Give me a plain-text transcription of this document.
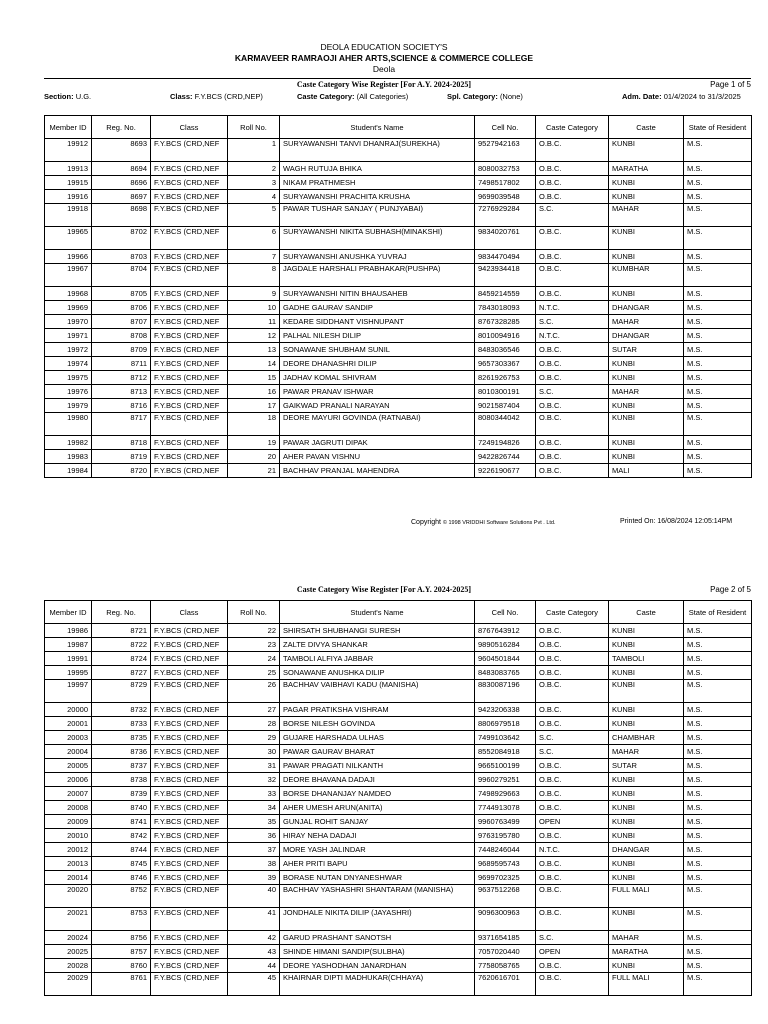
DEOLA EDUCATION SOCIETY'S
KARMAVEER RAMRAOJI AHER ARTS,SCIENCE & COMMERCE COLLEGE
Deola
Caste Category Wise Register [For A.Y. 2024-2025]	Page 1 of 5
Section: U.G.	Class: F.Y.BCS (CRD,NEP)	Caste Category: (All Categories)	Spl. Category: (None)	Adm. Date: 01/4/2024 to 31/3/2025
Member ID	Reg. No.	Class	Roll No.	Student's Name	Cell No.	Caste Category	Caste	State of Resident
19912	8693	F.Y.BCS (CRD,NEF	1	SURYAWANSHI TANVI DHANRAJ(SUREKHA)	9527942163	O.B.C.	KUNBI	M.S.
19913	8694	F.Y.BCS (CRD,NEF	2	WAGH RUTUJA BHIKA	8080032753	O.B.C.	MARATHA	M.S.
19915	8696	F.Y.BCS (CRD,NEF	3	NIKAM PRATHMESH	7498517802	O.B.C.	KUNBI	M.S.
19916	8697	F.Y.BCS (CRD,NEF	4	SURYAWANSHI PRACHITA KRUSHA	9699039548	O.B.C.	KUNBI	M.S.
19918	8698	F.Y.BCS (CRD,NEF	5	PAWAR TUSHAR SANJAY ( PUNJYABAI)	7276929284	S.C.	MAHAR	M.S.
19965	8702	F.Y.BCS (CRD,NEF	6	SURYAWANSHI NIKITA SUBHASH(MINAKSHI)	9834020761	O.B.C.	KUNBI	M.S.
19966	8703	F.Y.BCS (CRD,NEF	7	SURYAWANSHI ANUSHKA YUVRAJ	9834470494	O.B.C.	KUNBI	M.S.
19967	8704	F.Y.BCS (CRD,NEF	8	JAGDALE HARSHALI PRABHAKAR(PUSHPA)	9423934418	O.B.C.	KUMBHAR	M.S.
19968	8705	F.Y.BCS (CRD,NEF	9	SURYAWANSHI NITIN BHAUSAHEB	8459214559	O.B.C.	KUNBI	M.S.
19969	8706	F.Y.BCS (CRD,NEF	10	GADHE GAURAV SANDIP	7843018093	N.T.C.	DHANGAR	M.S.
19970	8707	F.Y.BCS (CRD,NEF	11	KEDARE SIDDHANT VISHNUPANT	8767328285	S.C.	MAHAR	M.S.
19971	8708	F.Y.BCS (CRD,NEF	12	PALHAL NILESH DILIP	8010094916	N.T.C.	DHANGAR	M.S.
19972	8709	F.Y.BCS (CRD,NEF	13	SONAWANE SHUBHAM SUNIL	8483036546	O.B.C.	SUTAR	M.S.
19974	8711	F.Y.BCS (CRD,NEF	14	DEORE DHANASHRI DILIP	9657303367	O.B.C.	KUNBI	M.S.
19975	8712	F.Y.BCS (CRD,NEF	15	JADHAV KOMAL SHIVRAM	8261926753	O.B.C.	KUNBI	M.S.
19976	8713	F.Y.BCS (CRD,NEF	16	PAWAR PRANAV ISHWAR	8010300191	S.C.	MAHAR	M.S.
19979	8716	F.Y.BCS (CRD,NEF	17	GAIKWAD PRANALI NARAYAN	9021587404	O.B.C.	KUNBI	M.S.
19980	8717	F.Y.BCS (CRD,NEF	18	DEORE MAYURI GOVINDA (RATNABAI)	8080344042	O.B.C.	KUNBI	M.S.
19982	8718	F.Y.BCS (CRD,NEF	19	PAWAR JAGRUTI DIPAK	7249194826	O.B.C.	KUNBI	M.S.
19983	8719	F.Y.BCS (CRD,NEF	20	AHER PAVAN VISHNU	9422826744	O.B.C.	KUNBI	M.S.
19984	8720	F.Y.BCS (CRD,NEF	21	BACHHAV PRANJAL MAHENDRA	9226190677	O.B.C.	MALI	M.S.
Copyright © 1998 VRIDDHI Software Solutions Pvt . Ltd.	Printed On: 16/08/2024 12:05:14PM
Caste Category Wise Register [For A.Y. 2024-2025]	Page 2 of 5
Member ID	Reg. No.	Class	Roll No.	Student's Name	Cell No.	Caste Category	Caste	State of Resident
19986	8721	F.Y.BCS (CRD,NEF	22	SHIRSATH SHUBHANGI SURESH	8767643912	O.B.C.	KUNBI	M.S.
19987	8722	F.Y.BCS (CRD,NEF	23	ZALTE DIVYA SHANKAR	9890516284	O.B.C.	KUNBI	M.S.
19991	8724	F.Y.BCS (CRD,NEF	24	TAMBOLI ALFIYA JABBAR	9604501844	O.B.C.	TAMBOLI	M.S.
19995	8727	F.Y.BCS (CRD,NEF	25	SONAWANE ANUSHKA DILIP	8483083765	O.B.C.	KUNBI	M.S.
19997	8729	F.Y.BCS (CRD,NEF	26	BACHHAV VAIBHAVI KADU (MANISHA)	8830087196	O.B.C.	KUNBI	M.S.
20000	8732	F.Y.BCS (CRD,NEF	27	PAGAR PRATIKSHA VISHRAM	9423206338	O.B.C.	KUNBI	M.S.
20001	8733	F.Y.BCS (CRD,NEF	28	BORSE NILESH GOVINDA	8806979518	O.B.C.	KUNBI	M.S.
20003	8735	F.Y.BCS (CRD,NEF	29	GUJARE HARSHADA ULHAS	7499103642	S.C.	CHAMBHAR	M.S.
20004	8736	F.Y.BCS (CRD,NEF	30	PAWAR GAURAV BHARAT	8552084918	S.C.	MAHAR	M.S.
20005	8737	F.Y.BCS (CRD,NEF	31	PAWAR PRAGATI NILKANTH	9665100199	O.B.C.	SUTAR	M.S.
20006	8738	F.Y.BCS (CRD,NEF	32	DEORE BHAVANA DADAJI	9960279251	O.B.C.	KUNBI	M.S.
20007	8739	F.Y.BCS (CRD,NEF	33	BORSE DHANANJAY NAMDEO	7498929663	O.B.C.	KUNBI	M.S.
20008	8740	F.Y.BCS (CRD,NEF	34	AHER UMESH ARUN(ANITA)	7744913078	O.B.C.	KUNBI	M.S.
20009	8741	F.Y.BCS (CRD,NEF	35	GUNJAL ROHIT SANJAY	9960763499	OPEN	KUNBI	M.S.
20010	8742	F.Y.BCS (CRD,NEF	36	HIRAY NEHA DADAJI	9763195780	O.B.C.	KUNBI	M.S.
20012	8744	F.Y.BCS (CRD,NEF	37	MORE YASH JALINDAR	7448246044	N.T.C.	DHANGAR	M.S.
20013	8745	F.Y.BCS (CRD,NEF	38	AHER PRITI BAPU	9689595743	O.B.C.	KUNBI	M.S.
20014	8746	F.Y.BCS (CRD,NEF	39	BORASE NUTAN DNYANESHWAR	9699702325	O.B.C.	KUNBI	M.S.
20020	8752	F.Y.BCS (CRD,NEF	40	BACHHAV YASHASHRI SHANTARAM (MANISHA)	9637512268	O.B.C.	FULL MALI	M.S.
20021	8753	F.Y.BCS (CRD,NEF	41	JONDHALE NIKITA DILIP (JAYASHRI)	9096300963	O.B.C.	KUNBI	M.S.
20024	8756	F.Y.BCS (CRD,NEF	42	GARUD PRASHANT SANOTSH	9371654185	S.C.	MAHAR	M.S.
20025	8757	F.Y.BCS (CRD,NEF	43	SHINDE HIMANI SANDIP(SULBHA)	7057020440	OPEN	MARATHA	M.S.
20028	8760	F.Y.BCS (CRD,NEF	44	DEORE YASHODHAN JANARDHAN	7758058765	O.B.C.	KUNBI	M.S.
20029	8761	F.Y.BCS (CRD,NEF	45	KHAIRNAR DIPTI MADHUKAR(CHHAYA)	7620616701	O.B.C.	FULL MALI	M.S.
